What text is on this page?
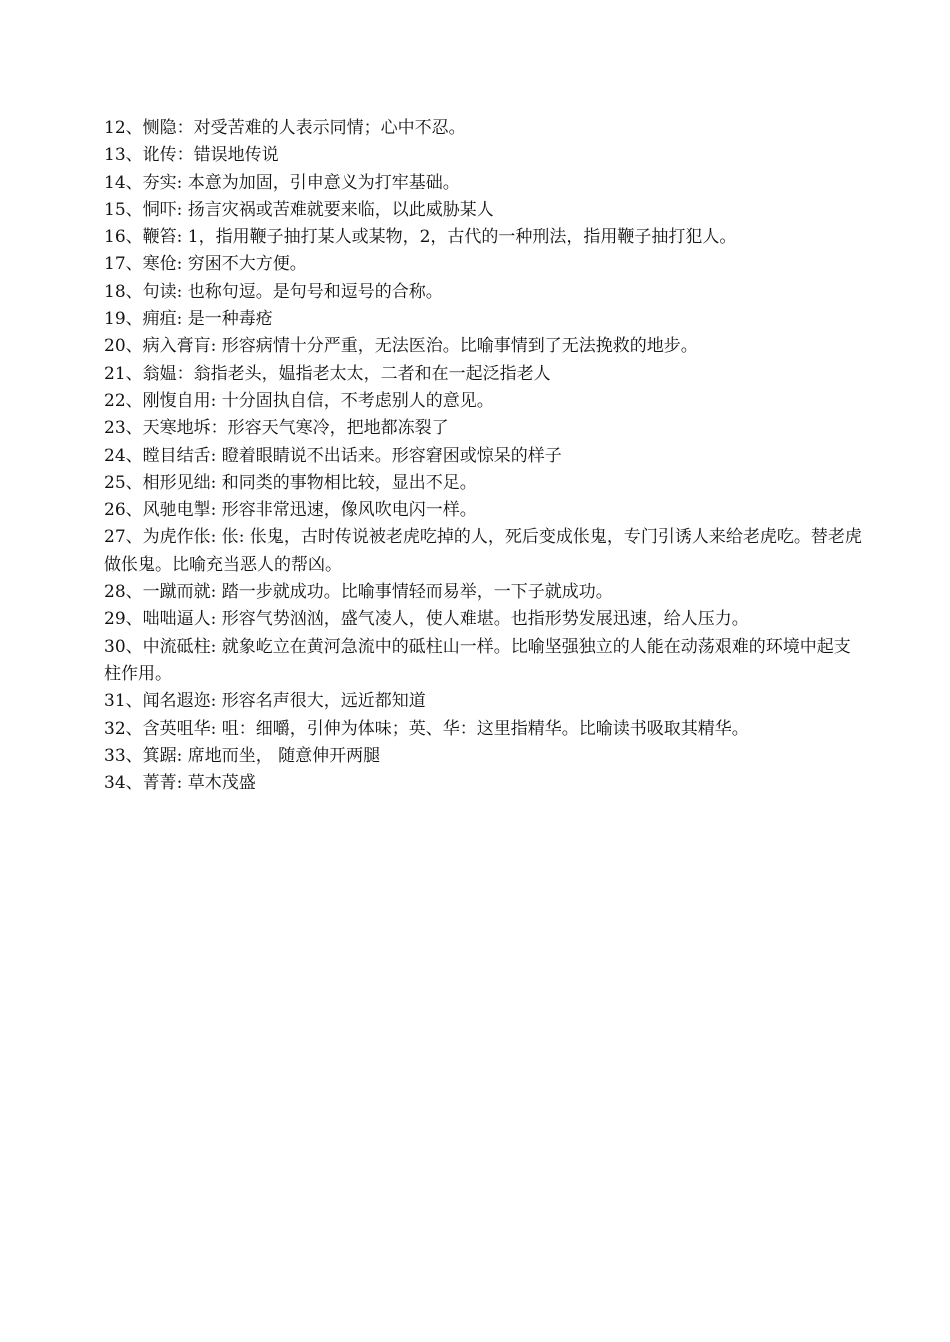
12、恻隐：对受苦难的人表示同情；心中不忍。

13、讹传：错误地传说

14、夯实: 本意为加固，引申意义为打牢基础。

15、恫吓: 扬言灾祸或苦难就要来临，以此威胁某人

16、鞭笞: 1，指用鞭子抽打某人或某物，2，古代的一种刑法，指用鞭子抽打犯人。

17、寒伧: 穷困不大方便。

18、句读: 也称句逗。是句号和逗号的合称。

19、痈疽: 是一种毒疮

20、病入膏肓: 形容病情十分严重，无法医治。比喻事情到了无法挽救的地步。

21、翁媪：翁指老头，媪指老太太，二者和在一起泛指老人

22、刚愎自用: 十分固执自信，不考虑别人的意见。

23、天寒地坼：形容天气寒冷，把地都冻裂了

24、瞠目结舌: 瞪着眼睛说不出话来。形容窘困或惊呆的样子

25、相形见绌: 和同类的事物相比较，显出不足。

26、风驰电掣: 形容非常迅速，像风吹电闪一样。

27、为虎作伥: 伥: 伥鬼，古时传说被老虎吃掉的人，死后变成伥鬼，专门引诱人来给老虎吃。替老虎做伥鬼。比喻充当恶人的帮凶。

28、一蹴而就: 踏一步就成功。比喻事情轻而易举，一下子就成功。

29、咄咄逼人: 形容气势汹汹，盛气凌人，使人难堪。也指形势发展迅速，给人压力。

30、中流砥柱: 就象屹立在黄河急流中的砥柱山一样。比喻坚强独立的人能在动荡艰难的环境中起支柱作用。

31、闻名遐迩: 形容名声很大，远近都知道

32、含英咀华: 咀：细嚼，引伸为体味；英、华：这里指精华。比喻读书吸取其精华。

33、箕踞: 席地而坐， 随意伸开两腿

34、菁菁: 草木茂盛
